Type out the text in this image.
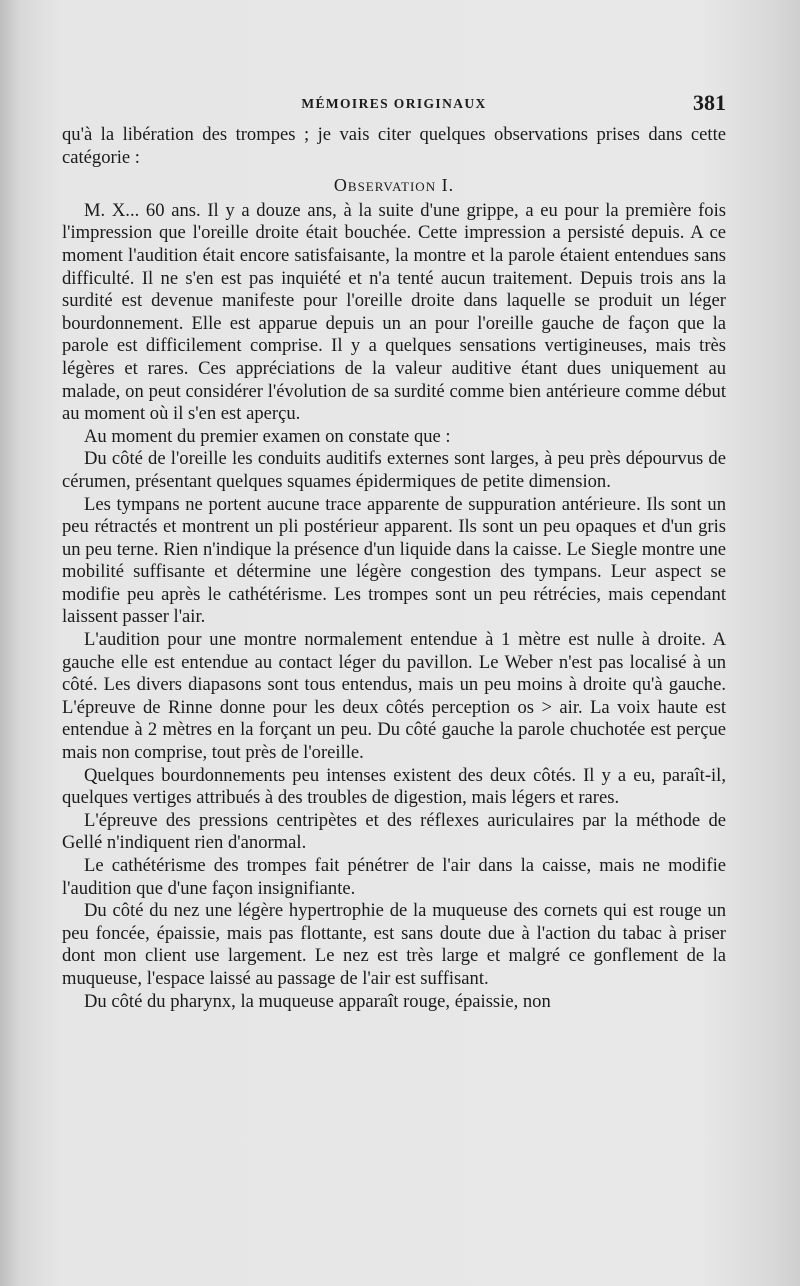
MÉMOIRES ORIGINAUX	381

qu'à la libération des trompes ; je vais citer quelques observations prises dans cette catégorie :

Observation I.

M. X... 60 ans. Il y a douze ans, à la suite d'une grippe, a eu pour la première fois l'impression que l'oreille droite était bouchée. Cette impression a persisté depuis. A ce moment l'audition était encore satisfaisante, la montre et la parole étaient entendues sans difficulté. Il ne s'en est pas inquiété et n'a tenté aucun traitement. Depuis trois ans la surdité est devenue manifeste pour l'oreille droite dans laquelle se produit un léger bourdonnement. Elle est apparue depuis un an pour l'oreille gauche de façon que la parole est difficilement comprise. Il y a quelques sensations vertigineuses, mais très légères et rares. Ces appréciations de la valeur auditive étant dues uniquement au malade, on peut considérer l'évolution de sa surdité comme bien antérieure comme début au moment où il s'en est aperçu.

Au moment du premier examen on constate que :

Du côté de l'oreille les conduits auditifs externes sont larges, à peu près dépourvus de cérumen, présentant quelques squames épidermiques de petite dimension.

Les tympans ne portent aucune trace apparente de suppuration antérieure. Ils sont un peu rétractés et montrent un pli postérieur apparent. Ils sont un peu opaques et d'un gris un peu terne. Rien n'indique la présence d'un liquide dans la caisse. Le Siegle montre une mobilité suffisante et détermine une légère congestion des tympans. Leur aspect se modifie peu après le cathétérisme. Les trompes sont un peu rétrécies, mais cependant laissent passer l'air.

L'audition pour une montre normalement entendue à 1 mètre est nulle à droite. A gauche elle est entendue au contact léger du pavillon. Le Weber n'est pas localisé à un côté. Les divers diapasons sont tous entendus, mais un peu moins à droite qu'à gauche. L'épreuve de Rinne donne pour les deux côtés perception os > air. La voix haute est entendue à 2 mètres en la forçant un peu. Du côté gauche la parole chuchotée est perçue mais non comprise, tout près de l'oreille.

Quelques bourdonnements peu intenses existent des deux côtés. Il y a eu, paraît-il, quelques vertiges attribués à des troubles de digestion, mais légers et rares.

L'épreuve des pressions centripètes et des réflexes auriculaires par la méthode de Gellé n'indiquent rien d'anormal.

Le cathétérisme des trompes fait pénétrer de l'air dans la caisse, mais ne modifie l'audition que d'une façon insignifiante.

Du côté du nez une légère hypertrophie de la muqueuse des cornets qui est rouge un peu foncée, épaissie, mais pas flottante, est sans doute due à l'action du tabac à priser dont mon client use largement. Le nez est très large et malgré ce gonflement de la muqueuse, l'espace laissé au passage de l'air est suffisant.

Du côté du pharynx, la muqueuse apparaît rouge, épaissie, non
